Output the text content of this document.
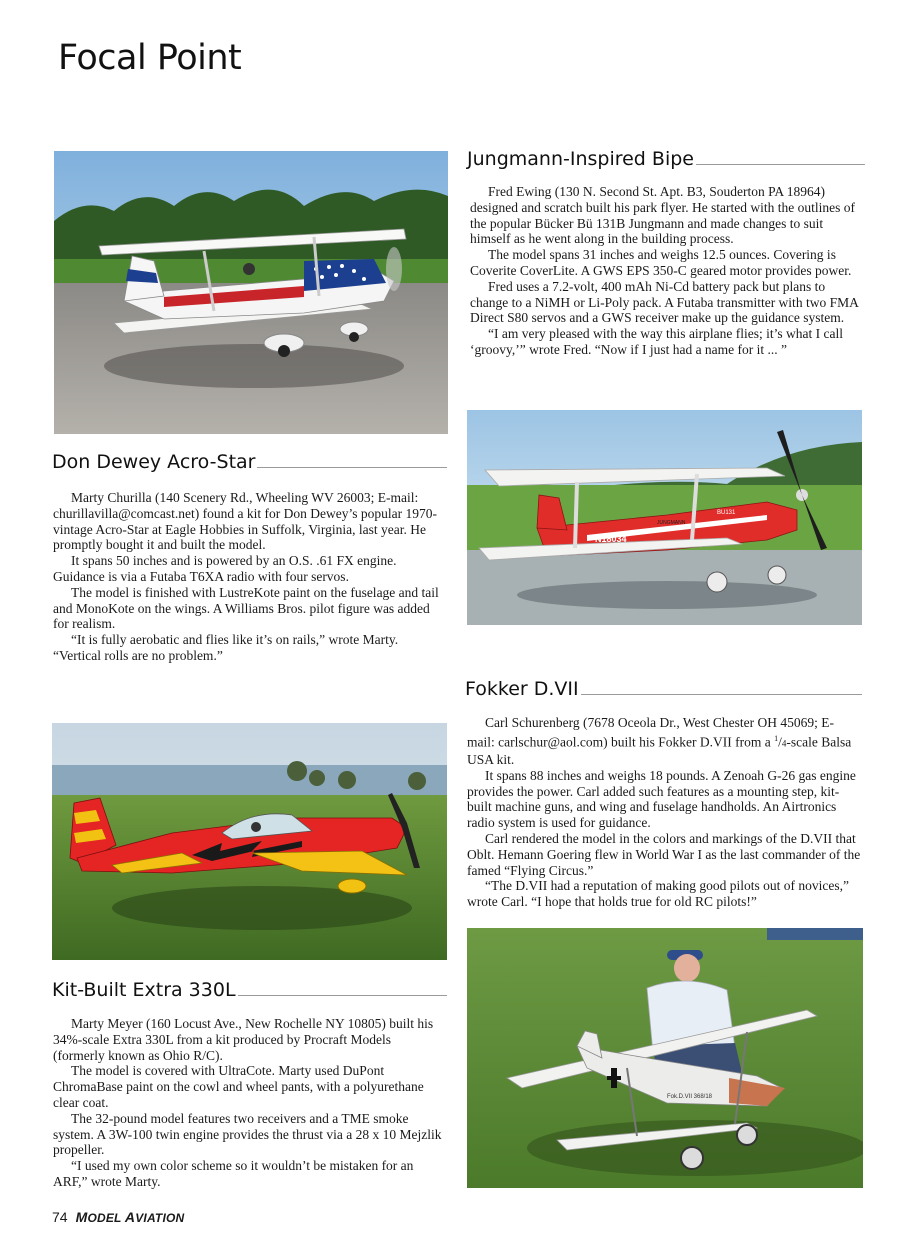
Focal Point
Jungmann-Inspired Bipe

Fred Ewing (130 N. Second St. Apt. B3, Souderton PA 18964) designed and scratch built his park flyer. He started with the outlines of the popular Bücker Bü 131B Jungmann and made changes to suit himself as he went along in the building process.

The model spans 31 inches and weighs 12.5 ounces. Covering is Coverite CoverLite. A GWS EPS 350-C geared motor provides power.

Fred uses a 7.2-volt, 400 mAh Ni-Cd battery pack but plans to change to a NiMH or Li-Poly pack. A Futaba transmitter with two FMA Direct S80 servos and a GWS receiver make up the guidance system.

“I am very pleased with the way this airplane flies; it’s what I call ‘groovy,’” wrote Fred. “Now if I just had a name for it ... ”

N18034
BU131
JUNGMANN
Don Dewey Acro-Star

Marty Churilla (140 Scenery Rd., Wheeling WV 26003; E-mail: churillavilla@comcast.net) found a kit for Don Dewey’s popular 1970-vintage Acro-Star at Eagle Hobbies in Suffolk, Virginia, last year. He promptly bought it and built the model.

It spans 50 inches and is powered by an O.S. .61 FX engine. Guidance is via a Futaba T6XA radio with four servos.

The model is finished with LustreKote paint on the fuselage and tail and MonoKote on the wings. A Williams Bros. pilot figure was added for realism.

“It is fully aerobatic and flies like it’s on rails,” wrote Marty. “Vertical rolls are no problem.”

Fokker D.VII

Carl Schurenberg (7678 Oceola Dr., West Chester OH 45069; E-mail: carlschur@aol.com) built his Fokker D.VII from a $^1$/4-scale Balsa USA kit.

It spans 88 inches and weighs 18 pounds. A Zenoah G-26 gas engine provides the power. Carl added such features as a mounting step, kit-built machine guns, and wing and fuselage handholds. An Airtronics radio system is used for guidance.

Carl rendered the model in the colors and markings of the D.VII that Oblt. Hemann Goering flew in World War I as the last commander of the famed “Flying Circus.”

“The D.VII had a reputation of making good pilots out of novices,” wrote Carl. “I hope that holds true for old RC pilots!”

Fok.D.VII 368/18
Kit-Built Extra 330L

Marty Meyer (160 Locust Ave., New Rochelle NY 10805) built his 34%-scale Extra 330L from a kit produced by Procraft Models (formerly known as Ohio R/C).

The model is covered with UltraCote. Marty used DuPont ChromaBase paint on the cowl and wheel pants, with a polyurethane clear coat.

The 32-pound model features two receivers and a TME smoke system. A 3W-100 twin engine provides the thrust via a 28 x 10 Mejzlik propeller.

“I used my own color scheme so it wouldn’t be mistaken for an ARF,” wrote Marty.

74 MODEL AVIATION
